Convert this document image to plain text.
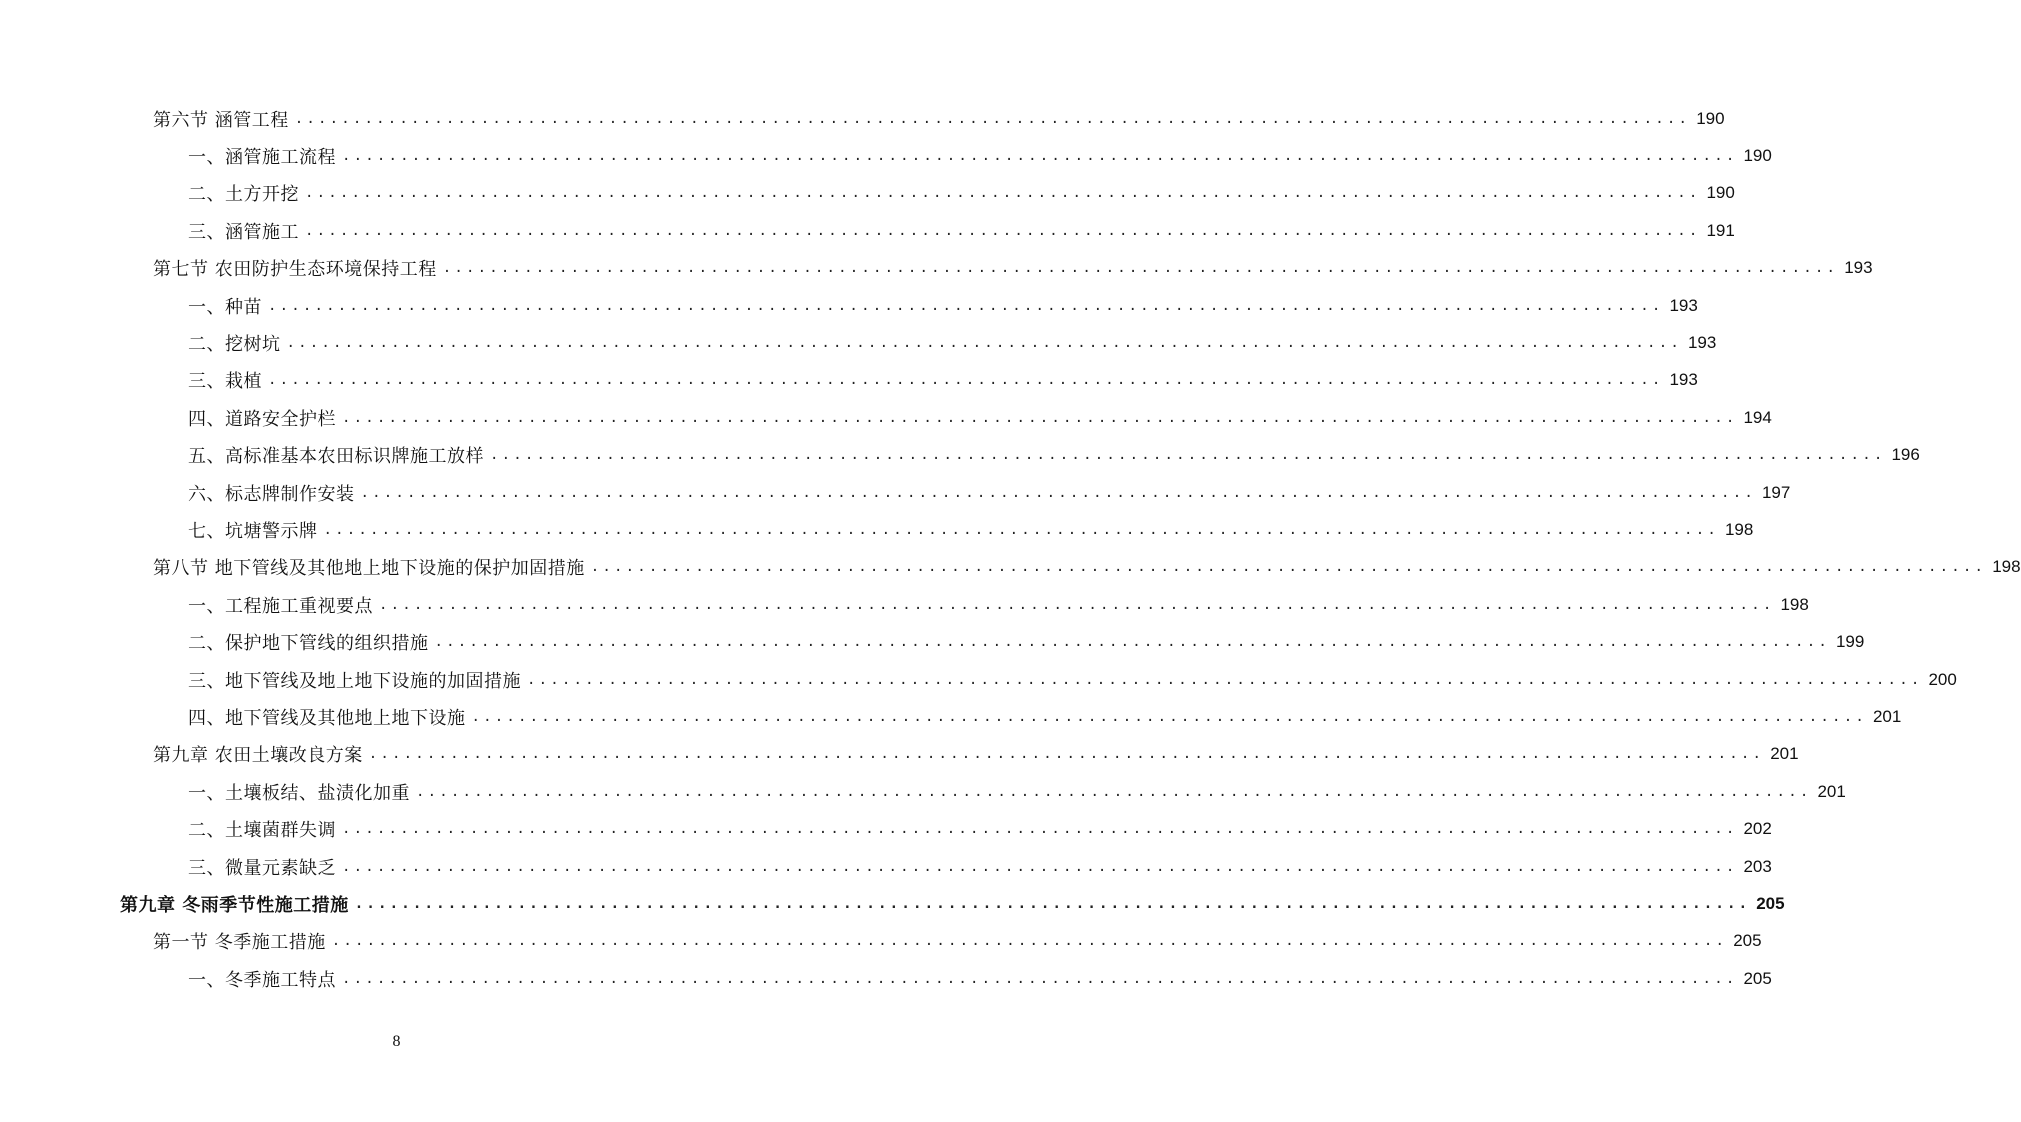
第六节 涵管工程 ........................................................................................................................ 190
一、涵管施工流程 ........................................................................................................................ 190
二、土方开挖 ........................................................................................................................ 190
三、涵管施工 ........................................................................................................................ 191
第七节 农田防护生态环境保持工程 ........................................................................................................................ 193
一、种苗 ........................................................................................................................ 193
二、挖树坑 ........................................................................................................................ 193
三、栽植 ........................................................................................................................ 193
四、道路安全护栏 ........................................................................................................................ 194
五、高标准基本农田标识牌施工放样 ........................................................................................................................ 196
六、标志牌制作安装 ........................................................................................................................ 197
七、坑塘警示牌 ........................................................................................................................ 198
第八节 地下管线及其他地上地下设施的保护加固措施 ........................................................................................................................ 198
一、工程施工重视要点 ........................................................................................................................ 198
二、保护地下管线的组织措施 ........................................................................................................................ 199
三、地下管线及地上地下设施的加固措施 ........................................................................................................................ 200
四、地下管线及其他地上地下设施 ........................................................................................................................ 201
第九章 农田土壤改良方案 ........................................................................................................................ 201
一、土壤板结、盐渍化加重 ........................................................................................................................ 201
二、土壤菌群失调 ........................................................................................................................ 202
三、微量元素缺乏 ........................................................................................................................ 203
第九章 冬雨季节性施工措施 ........................................................................................................................ 205
第一节 冬季施工措施 ........................................................................................................................ 205
一、冬季施工特点 ........................................................................................................................ 205
8
